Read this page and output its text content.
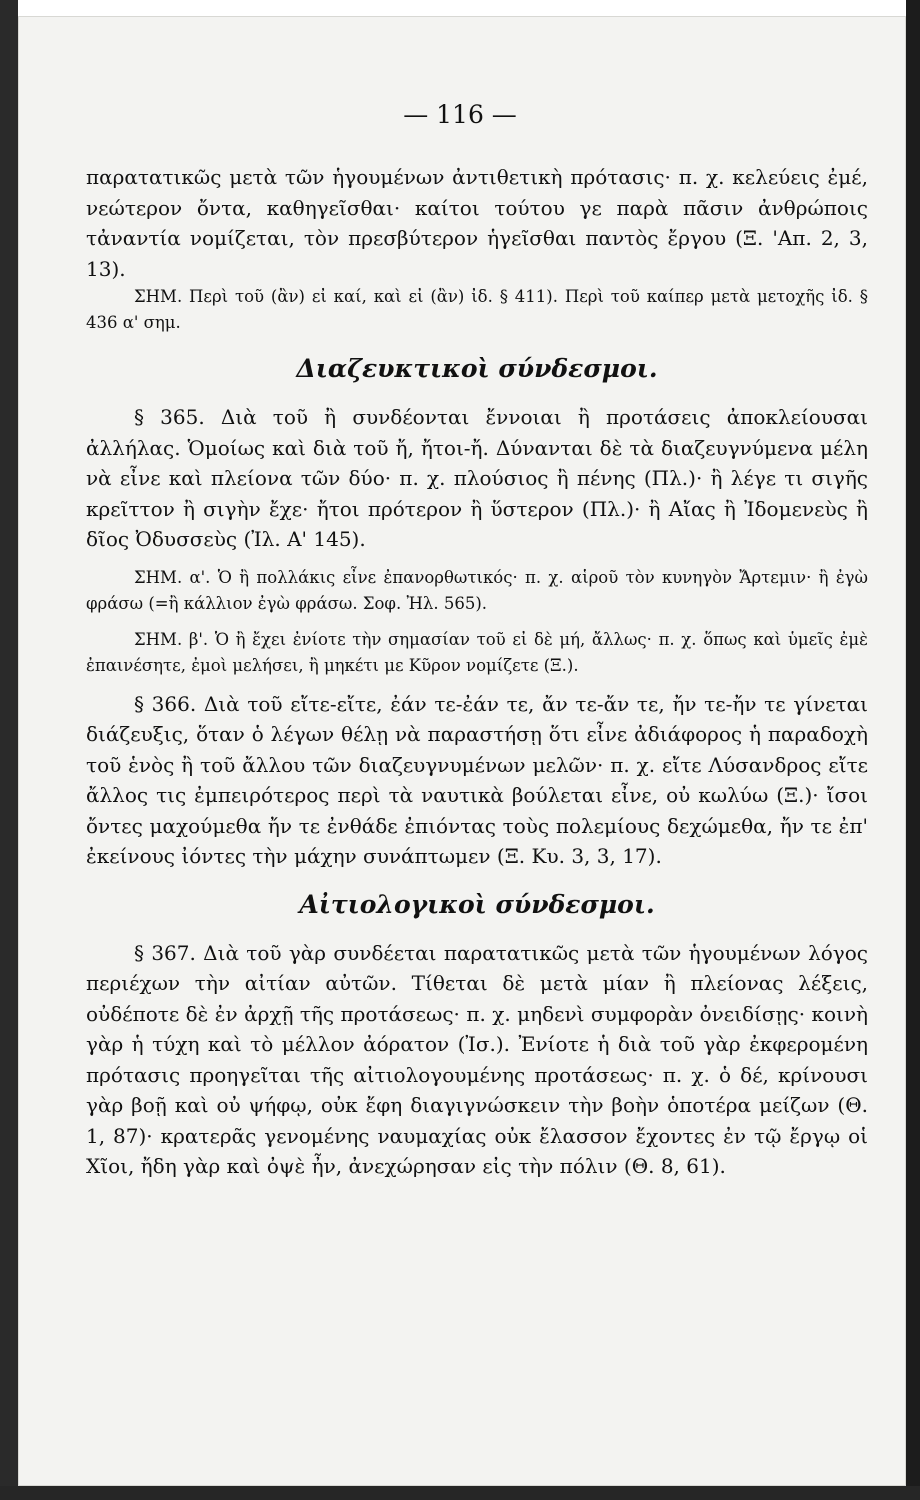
— 116 —

παρατατικῶς μετὰ τῶν ἡγουμένων ἀντιθετικὴ πρότασις· π. χ. κελεύεις ἐμέ, νεώτερον ὄντα, καθηγεῖσθαι· καίτοι τούτου γε παρὰ πᾶσιν ἀνθρώποις τἀναντία νομίζεται, τὸν πρεσβύτερον ἡγεῖσθαι παντὸς ἔργου (Ξ. 'Απ. 2, 3, 13).

ΣΗΜ. Περὶ τοῦ (ἂν) εἰ καί, καὶ εἰ (ἂν) ἰδ. § 411). Περὶ τοῦ καίπερ μετὰ μετοχῆς ἰδ. § 436 α' σημ.

Διαζευκτικοὶ σύνδεσμοι.

§ 365. Διὰ τοῦ ἢ συνδέονται ἔννοιαι ἢ προτάσεις ἀποκλείουσαι ἀλλήλας. Ὁμοίως καὶ διὰ τοῦ ἤ, ἤτοι-ἤ. Δύνανται δὲ τὰ διαζευγνύμενα μέλη νὰ εἶνε καὶ πλείονα τῶν δύο· π. χ. πλούσιος ἢ πένης (Πλ.)· ἢ λέγε τι σιγῆς κρεῖττον ἢ σιγὴν ἔχε· ἤτοι πρότερον ἢ ὕστερον (Πλ.)· ἢ Αἴας ἢ Ἰδομενεὺς ἢ δῖος Ὀδυσσεὺς (Ἰλ. Α' 145).

ΣΗΜ. α'. Ὁ ἢ πολλάκις εἶνε ἐπανορθωτικός· π. χ. αἱροῦ τὸν κυνηγὸν Ἄρτεμιν· ἢ ἐγὼ φράσω (=ἢ κάλλιον ἐγὼ φράσω. Σοφ. Ἠλ. 565).

ΣΗΜ. β'. Ὁ ἢ ἔχει ἐνίοτε τὴν σημασίαν τοῦ εἰ δὲ μή, ἄλλως· π. χ. ὅπως καὶ ὑμεῖς ἐμὲ ἐπαινέσητε, ἐμοὶ μελήσει, ἢ μηκέτι με Κῦρον νομίζετε (Ξ.).

§ 366. Διὰ τοῦ εἴτε-εἴτε, ἐάν τε-ἐάν τε, ἄν τε-ἄν τε, ἤν τε-ἤν τε γίνεται διάζευξις, ὅταν ὁ λέγων θέλῃ νὰ παραστήσῃ ὅτι εἶνε ἀδιάφορος ἡ παραδοχὴ τοῦ ἑνὸς ἢ τοῦ ἄλλου τῶν διαζευγνυμένων μελῶν· π. χ. εἴτε Λύσανδρος εἴτε ἄλλος τις ἐμπειρότερος περὶ τὰ ναυτικὰ βούλεται εἶνε, οὐ κωλύω (Ξ.)· ἴσοι ὄντες μαχούμεθα ἤν τε ἐνθάδε ἐπιόντας τοὺς πολεμίους δεχώμεθα, ἤν τε ἐπ' ἐκείνους ἰόντες τὴν μάχην συνάπτωμεν (Ξ. Κυ. 3, 3, 17).

Αἰτιολογικοὶ σύνδεσμοι.

§ 367. Διὰ τοῦ γὰρ συνδέεται παρατατικῶς μετὰ τῶν ἡγουμένων λόγος περιέχων τὴν αἰτίαν αὐτῶν. Τίθεται δὲ μετὰ μίαν ἢ πλείονας λέξεις, οὐδέποτε δὲ ἐν ἀρχῇ τῆς προτάσεως· π. χ. μηδενὶ συμφορὰν ὀνειδίσῃς· κοινὴ γὰρ ἡ τύχη καὶ τὸ μέλλον ἀόρατον (Ἰσ.). Ἐνίοτε ἡ διὰ τοῦ γὰρ ἐκφερομένη πρότασις προηγεῖται τῆς αἰτιολογουμένης προτάσεως· π. χ. ὁ δέ, κρίνουσι γὰρ βοῇ καὶ οὐ ψήφῳ, οὐκ ἔφη διαγιγνώσκειν τὴν βοὴν ὁποτέρα μείζων (Θ. 1, 87)· κρατερᾶς γενομένης ναυμαχίας οὐκ ἔλασσον ἔχοντες ἐν τῷ ἔργῳ οἱ Χῖοι, ἤδη γὰρ καὶ ὀψὲ ἦν, ἀνεχώρησαν εἰς τὴν πόλιν (Θ. 8, 61).
